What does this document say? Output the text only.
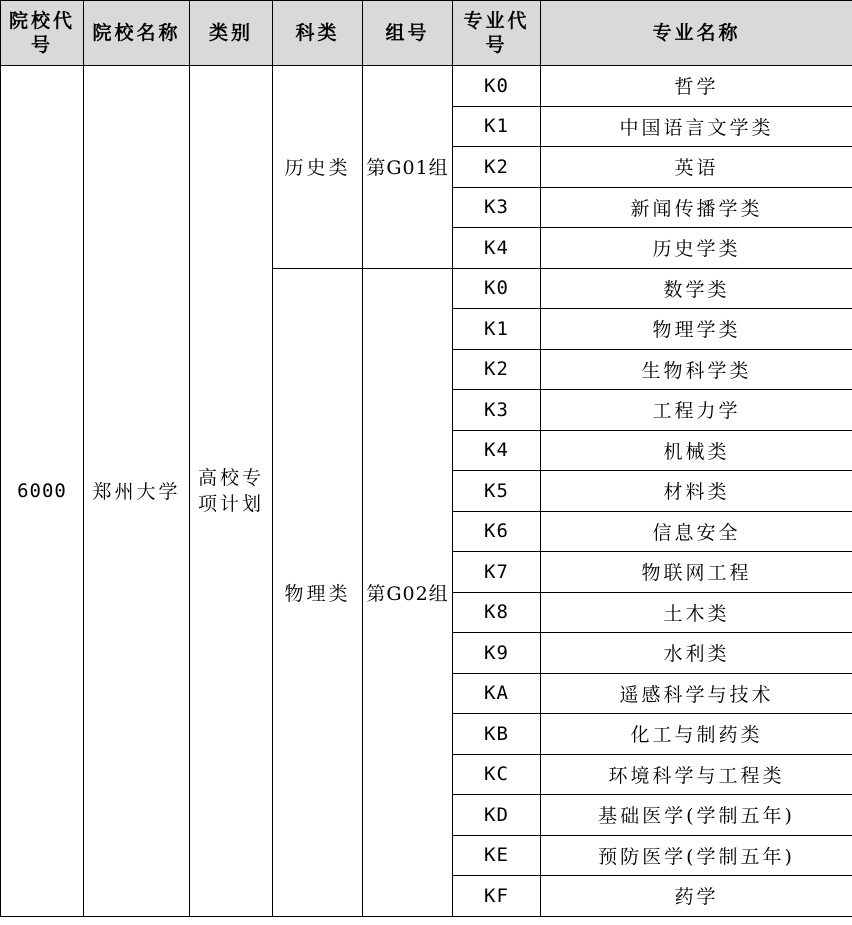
院校代号	院校名称	类别	科类	组号	专业代号	专业名称
6000	郑州大学	高校专项计划	历史类	第G01组	K0	哲学
					K1	中国语言文学类
					K2	英语
					K3	新闻传播学类
					K4	历史学类
			物理类	第G02组	K0	数学类
					K1	物理学类
					K2	生物科学类
					K3	工程力学
					K4	机械类
					K5	材料类
					K6	信息安全
					K7	物联网工程
					K8	土木类
					K9	水利类
					KA	遥感科学与技术
					KB	化工与制药类
					KC	环境科学与工程类
					KD	基础医学(学制五年)
					KE	预防医学(学制五年)
					KF	药学
